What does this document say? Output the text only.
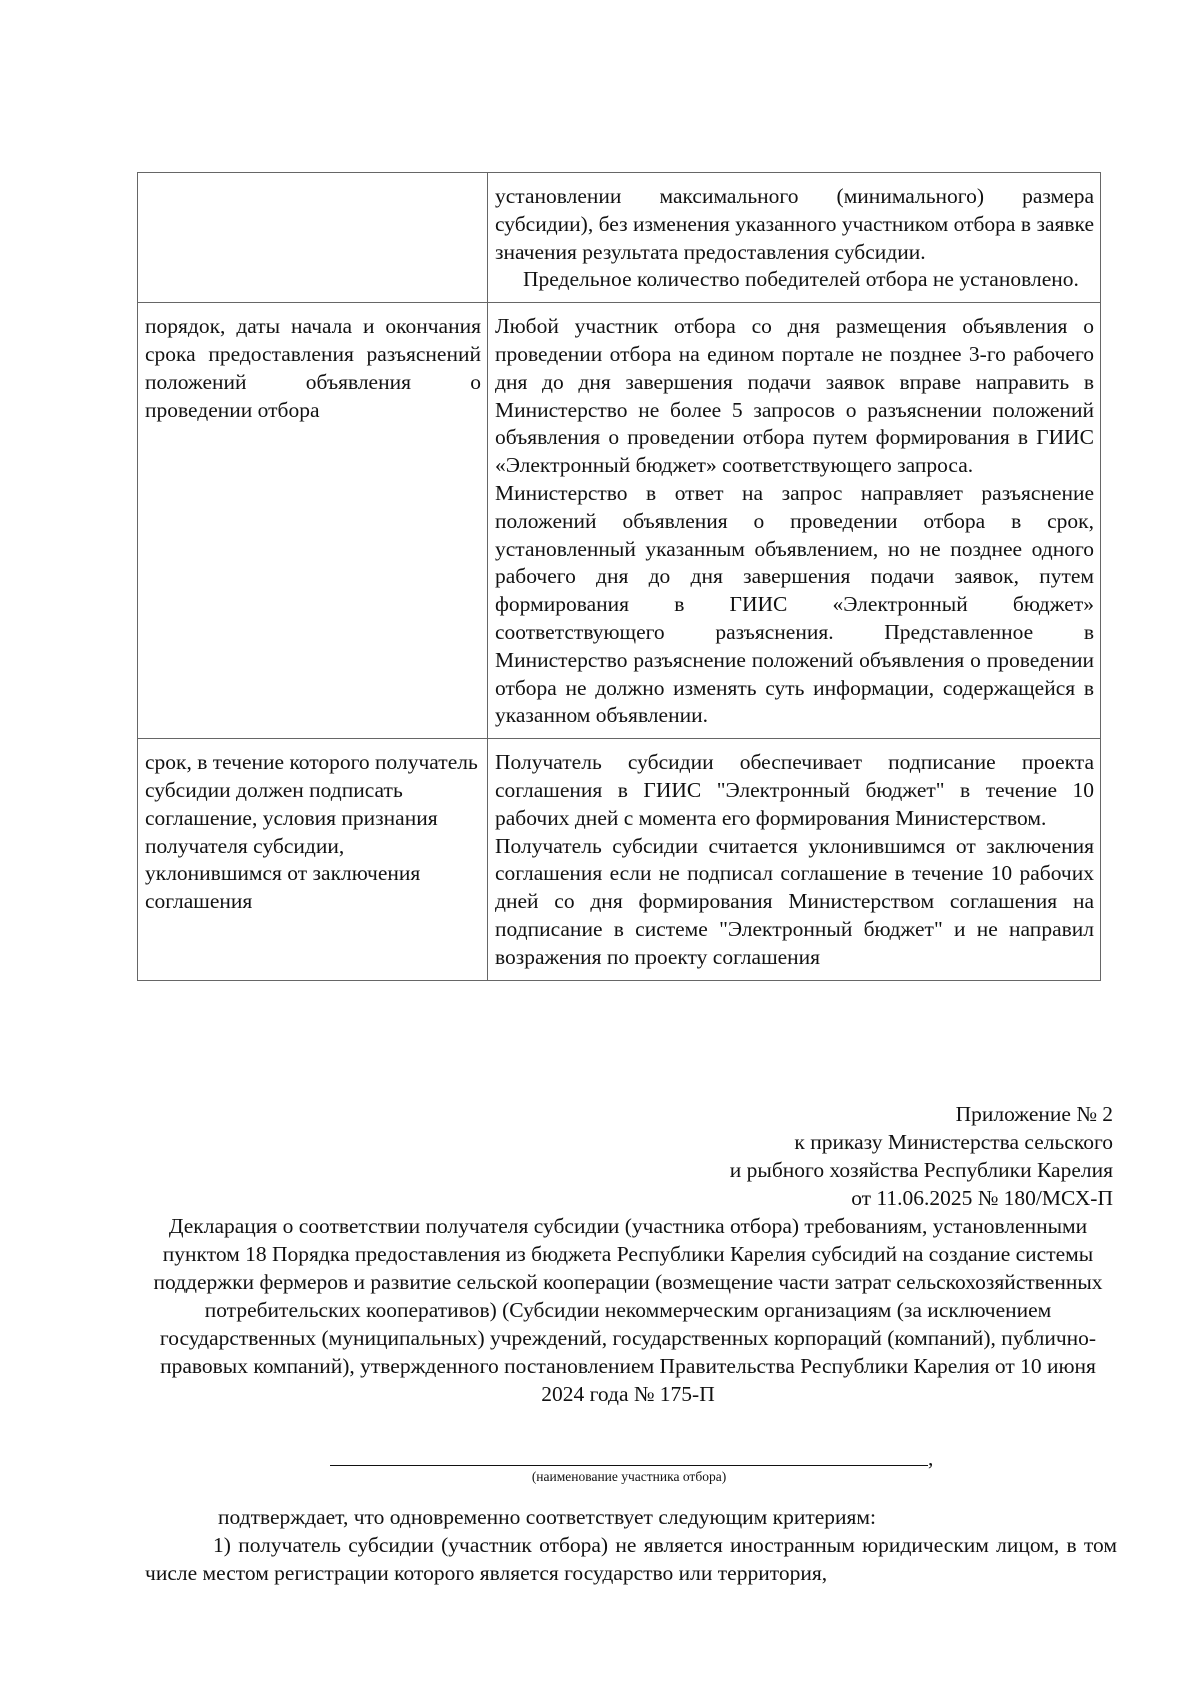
	установлении максимального (минимального) размера субсидии), без изменения указанного участником отбора в заявке значения результата предоставления субсидии.

Предельное количество победителей отбора не установлено.

порядок, даты начала и окончания срока предоставления разъяснений положений объявления о проведении отбора	Любой участник отбора со дня размещения объявления о проведении отбора на едином портале не позднее 3-го рабочего дня до дня завершения подачи заявок вправе направить в Министерство не более 5 запросов о разъяснении положений объявления о проведении отбора путем формирования в ГИИС «Электронный бюджет» соответствующего запроса.

Министерство в ответ на запрос направляет разъяснение положений объявления о проведении отбора в срок, установленный указанным объявлением, но не позднее одного рабочего дня до дня завершения подачи заявок, путем формирования в ГИИС «Электронный бюджет» соответствующего разъяснения. Представленное в Министерство разъяснение положений объявления о проведении отбора не должно изменять суть информации, содержащейся в указанном объявлении.

срок, в течение которого получатель субсидии должен подписать соглашение, условия признания получателя субсидии, уклонившимся от заключения соглашения	Получатель субсидии обеспечивает подписание проекта соглашения в ГИИС "Электронный бюджет" в течение 10 рабочих дней с момента его формирования Министерством.

Получатель субсидии считается уклонившимся от заключения соглашения если не подписал соглашение в течение 10 рабочих дней со дня формирования Министерством соглашения на подписание в системе "Электронный бюджет" и не направил возражения по проекту соглашения

Приложение № 2
к приказу Министерства сельского
и рыбного хозяйства Республики Карелия
от 11.06.2025 № 180/МСХ-П
Декларация о соответствии получателя субсидии (участника отбора) требованиям, установленными пунктом 18 Порядка предоставления из бюджета Республики Карелия субсидий на создание системы поддержки фермеров и развитие сельской кооперации (возмещение части затрат сельскохозяйственных потребительских кооперативов) (Субсидии некоммерческим организациям (за исключением государственных (муниципальных) учреждений, государственных корпораций (компаний), публично-правовых компаний), утвержденного постановлением Правительства Республики Карелия от 10 июня 2024 года № 175-П
,
(наименование участника отбора)
подтверждает, что одновременно соответствует следующим критериям:
1) получатель субсидии (участник отбора) не является иностранным юридическим лицом, в том числе местом регистрации которого является государство или территория,
